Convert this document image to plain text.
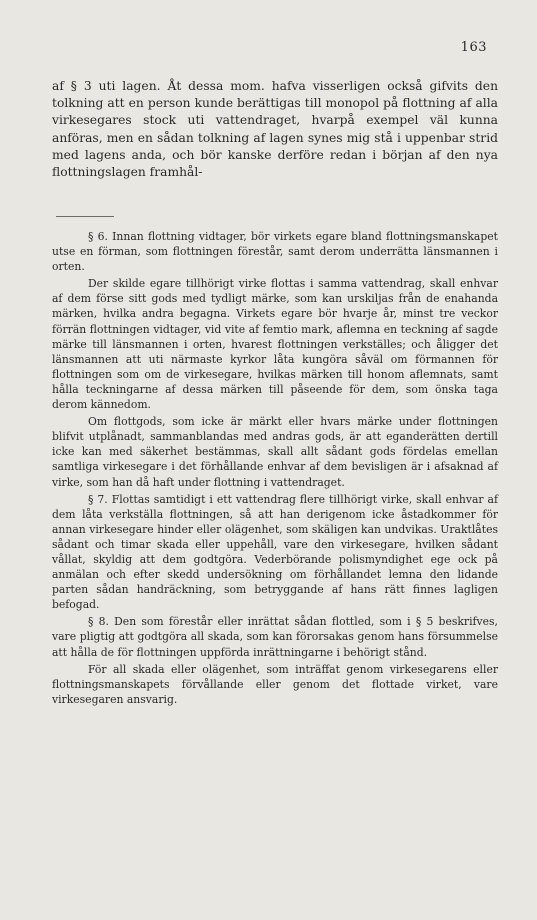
163
af § 3 uti lagen. Åt dessa mom. hafva visserligen också gifvits den tolkning att en person kunde berättigas till monopol på flottning af alla virkesegares stock uti vattendraget, hvarpå exempel väl kunna anföras, men en sådan tolkning af lagen synes mig stå i uppenbar strid med lagens anda, och bör kanske derföre redan i början af den nya flottningslagen framhål-

§ 6. Innan flottning vidtager, bör virkets egare bland flottningsmanskapet utse en förman, som flottningen förestår, samt derom underrätta länsmannen i orten.

Der skilde egare tillhörigt virke flottas i samma vattendrag, skall enhvar af dem förse sitt gods med tydligt märke, som kan urskiljas från de enahanda märken, hvilka andra begagna. Virkets egare bör hvarje år, minst tre veckor förrän flottningen vidtager, vid vite af femtio mark, aflemna en teckning af sagde märke till länsmannen i orten, hvarest flottningen verkställes; och åligger det länsmannen att uti närmaste kyrkor låta kungöra såväl om förmannen för flottningen som om de virkesegare, hvilkas märken till honom aflemnats, samt hålla teckningarne af dessa märken till påseende för dem, som önska taga derom kännedom.

Om flottgods, som icke är märkt eller hvars märke under flottningen blifvit utplånadt, sammanblandas med andras gods, är att eganderätten dertill icke kan med säkerhet bestämmas, skall allt sådant gods fördelas emellan samtliga virkesegare i det förhållande enhvar af dem bevisligen är i afsaknad af virke, som han då haft under flottning i vattendraget.

§ 7. Flottas samtidigt i ett vattendrag flere tillhörigt virke, skall enhvar af dem låta verkställa flottningen, så att han derigenom icke åstadkommer för annan virkesegare hinder eller olägenhet, som skäligen kan undvikas. Uraktlåtes sådant och timar skada eller uppehåll, vare den virkesegare, hvilken sådant vållat, skyldig att dem godtgöra. Vederbörande polismyndighet ege ock på anmälan och efter skedd undersökning om förhållandet lemna den lidande parten sådan handräckning, som betryggande af hans rätt finnes lagligen befogad.

§ 8. Den som förestår eller inrättat sådan flottled, som i § 5 beskrifves, vare pligtig att godtgöra all skada, som kan förorsakas genom hans försummelse att hålla de för flottningen uppförda inrättningarne i behörigt stånd.

För all skada eller olägenhet, som inträffat genom virkesegarens eller flottningsmanskapets förvållande eller genom det flottade virket, vare virkesegaren ansvarig.
